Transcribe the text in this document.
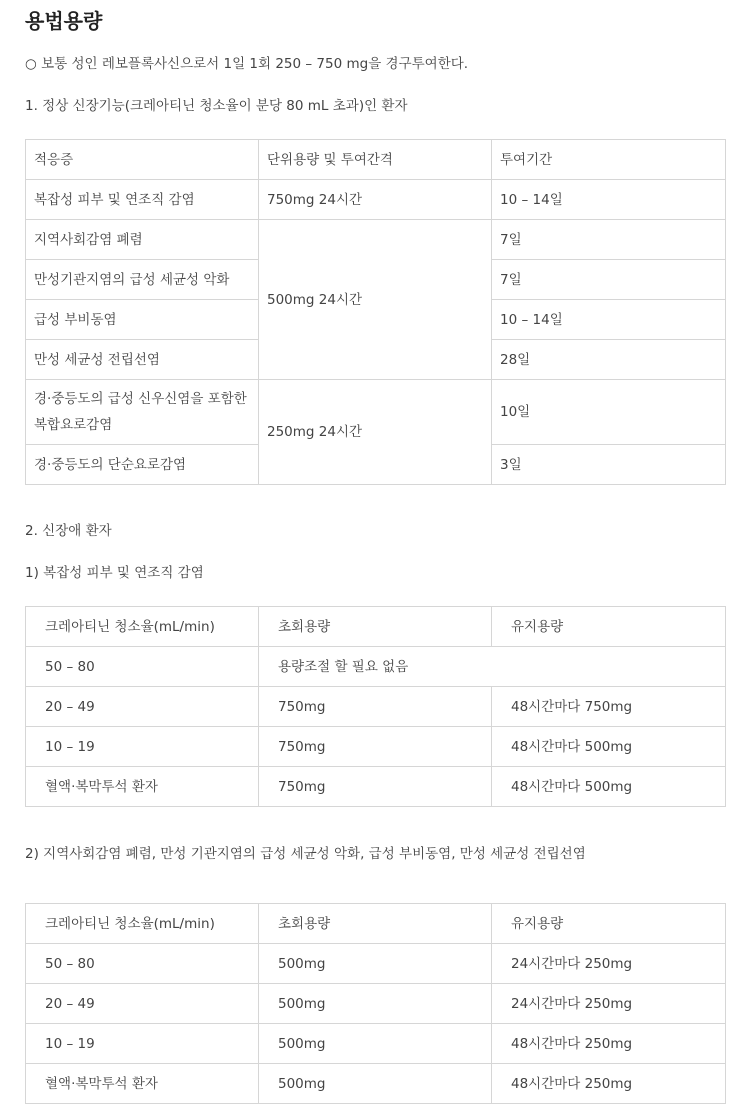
용법용량

○ 보통 성인 레보플록사신으로서 1일 1회 250 – 750 mg을 경구투여한다.

1. 정상 신장기능(크레아티닌 청소율이 분당 80 mL 초과)인 환자

적응증	단위용량 및 투여간격	투여기간
복잡성 피부 및 연조직 감염	750mg 24시간	10 – 14일
지역사회감염 폐렴	500mg 24시간	7일
만성기관지염의 급성 세균성 악화		7일
급성 부비동염		10 – 14일
만성 세균성 전립선염		28일
경·중등도의 급성 신우신염을 포함한 복합요로감염	250mg 24시간	10일
경·중등도의 단순요로감염		3일

2. 신장애 환자

1) 복잡성 피부 및 연조직 감염

크레아티닌 청소율(mL/min)	초회용량	유지용량
50 – 80	용량조절 할 필요 없음	
20 – 49	750mg	48시간마다 750mg
10 – 19	750mg	48시간마다 500mg
혈액·복막투석 환자	750mg	48시간마다 500mg

2) 지역사회감염 폐렴, 만성 기관지염의 급성 세균성 악화, 급성 부비동염, 만성 세균성 전립선염

크레아티닌 청소율(mL/min)	초회용량	유지용량
50 – 80	500mg	24시간마다 250mg
20 – 49	500mg	24시간마다 250mg
10 – 19	500mg	48시간마다 250mg
혈액·복막투석 환자	500mg	48시간마다 250mg
